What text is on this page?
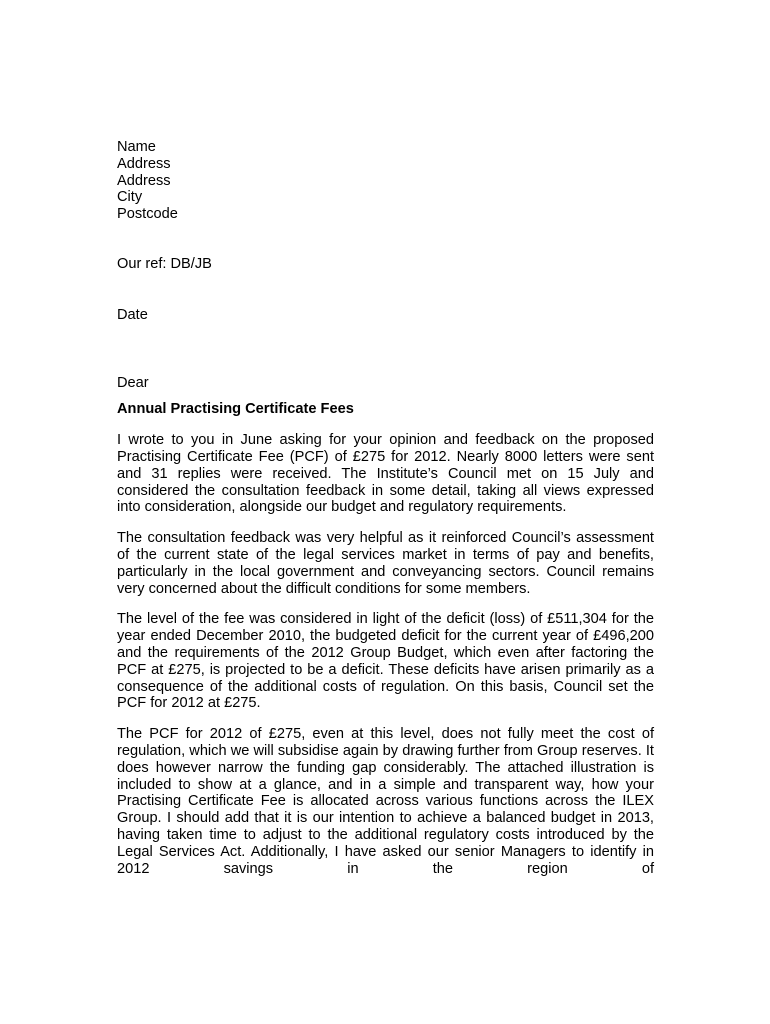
Name
Address
Address
City
Postcode
Our ref: DB/JB
Date
Dear
Annual Practising Certificate Fees

I wrote to you in June asking for your opinion and feedback on the proposed Practising Certificate Fee (PCF) of £275 for 2012. Nearly 8000 letters were sent and 31 replies were received. The Institute’s Council met on 15 July and considered the consultation feedback in some detail, taking all views expressed into consideration, alongside our budget and regulatory requirements.

The consultation feedback was very helpful as it reinforced Council’s assessment of the current state of the legal services market in terms of pay and benefits, particularly in the local government and conveyancing sectors. Council remains very concerned about the difficult conditions for some members.

The level of the fee was considered in light of the deficit (loss) of £511,304 for the year ended December 2010, the budgeted deficit for the current year of £496,200 and the requirements of the 2012 Group Budget, which even after factoring the PCF at £275, is projected to be a deficit. These deficits have arisen primarily as a consequence of the additional costs of regulation. On this basis, Council set the PCF for 2012 at £275.

The PCF for 2012 of £275, even at this level, does not fully meet the cost of regulation, which we will subsidise again by drawing further from Group reserves. It does however narrow the funding gap considerably. The attached illustration is included to show at a glance, and in a simple and transparent way, how your Practising Certificate Fee is allocated across various functions across the ILEX Group. I should add that it is our intention to achieve a balanced budget in 2013, having taken time to adjust to the additional regulatory costs introduced by the Legal Services Act. Additionally, I have asked our senior Managers to identify in 2012 savings in the region of
